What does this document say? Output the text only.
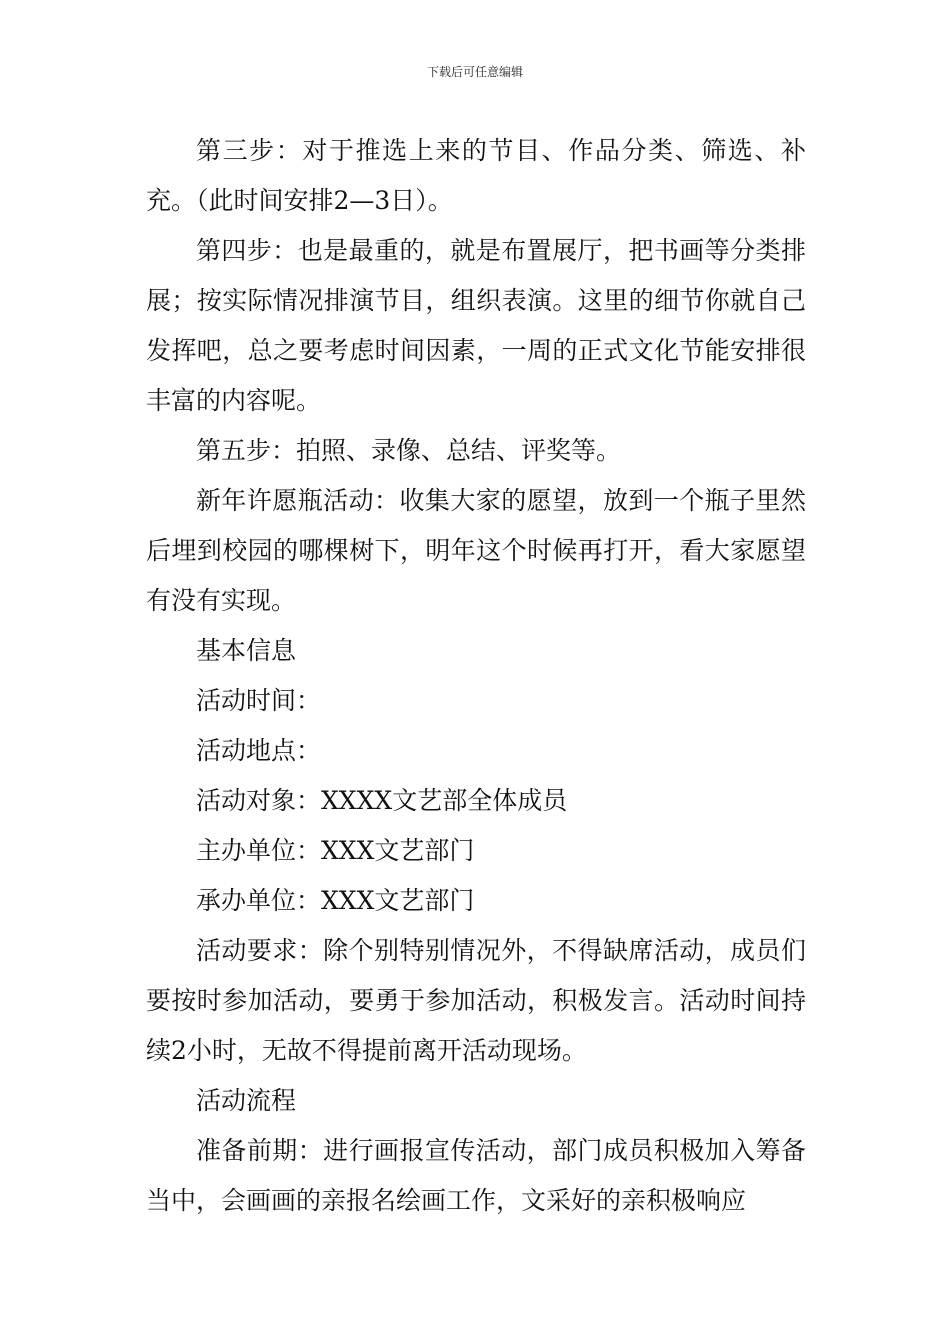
下载后可任意编辑

第三步：对于推选上来的节目、作品分类、筛选、补充。（此时间安排2—3日）。

第四步：也是最重的，就是布置展厅，把书画等分类排展；按实际情况排演节目，组织表演。这里的细节你就自己发挥吧，总之要考虑时间因素，一周的正式文化节能安排很丰富的内容呢。

第五步：拍照、录像、总结、评奖等。

新年许愿瓶活动：收集大家的愿望，放到一个瓶子里然后埋到校园的哪棵树下，明年这个时候再打开，看大家愿望有没有实现。

基本信息

活动时间：

活动地点：

活动对象：XXXX文艺部全体成员

主办单位：XXX文艺部门

承办单位：XXX文艺部门

活动要求：除个别特别情况外，不得缺席活动，成员们要按时参加活动，要勇于参加活动，积极发言。活动时间持续2小时，无故不得提前离开活动现场。

活动流程

准备前期：进行画报宣传活动，部门成员积极加入筹备当中，会画画的亲报名绘画工作，文采好的亲积极响应
